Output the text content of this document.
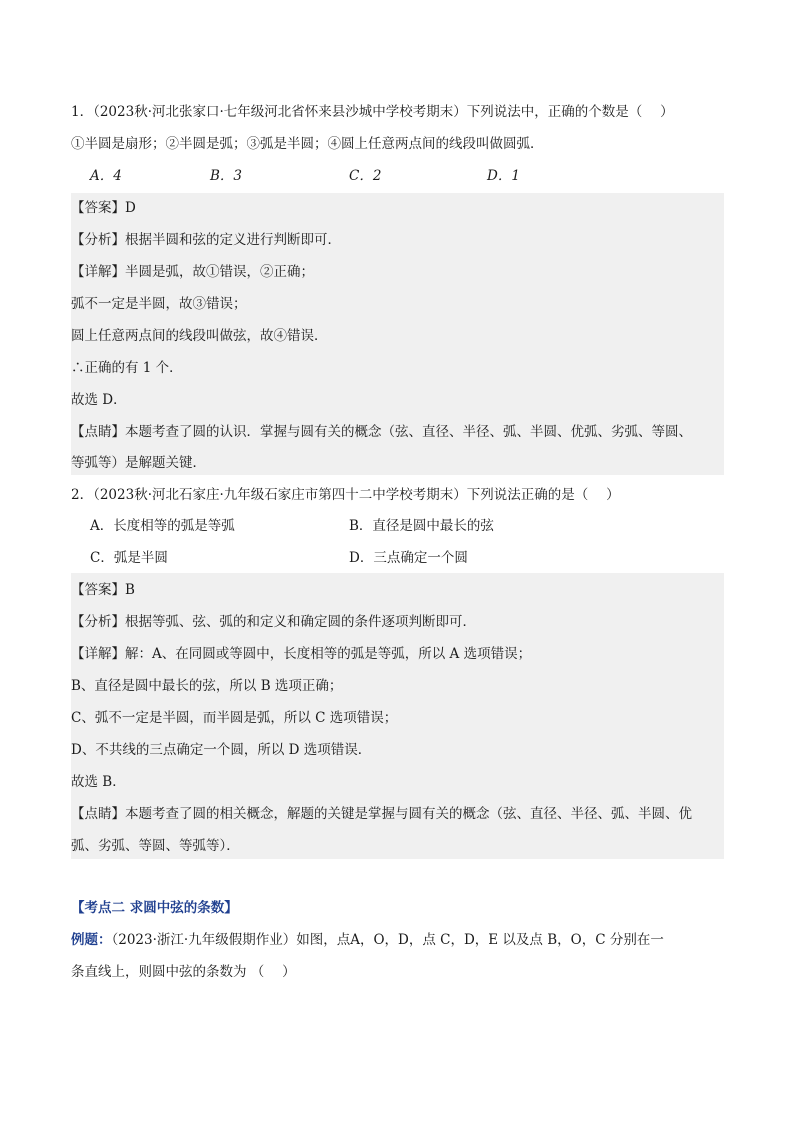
1．（2023秋·河北张家口·七年级河北省怀来县沙城中学校考期末）下列说法中，正确的个数是（　 ）
①半圆是扇形；②半圆是弧；③弧是半圆；④圆上任意两点间的线段叫做圆弧．
A．4	B．3	C．2	D．1
【答案】D
【分析】根据半圆和弦的定义进行判断即可．
【详解】半圆是弧，故①错误，②正确；
弧不一定是半圆，故③错误；
圆上任意两点间的线段叫做弦，故④错误．
∴正确的有 1 个．
故选 D．
【点睛】本题考查了圆的认识．掌握与圆有关的概念（弦、直径、半径、弧、半圆、优弧、劣弧、等圆、
等弧等）是解题关键．
2．（2023秋·河北石家庄·九年级石家庄市第四十二中学校考期末）下列说法正确的是（　 ）
A．长度相等的弧是等弧	B．直径是圆中最长的弦
C．弧是半圆	D．三点确定一个圆
【答案】B
【分析】根据等弧、弦、弧的和定义和确定圆的条件逐项判断即可．
【详解】解：A、在同圆或等圆中，长度相等的弧是等弧，所以 A 选项错误；
B、直径是圆中最长的弦，所以 B 选项正确；
C、弧不一定是半圆，而半圆是弧，所以 C 选项错误；
D、不共线的三点确定一个圆，所以 D 选项错误．
故选 B．
【点睛】本题考查了圆的相关概念，解题的关键是掌握与圆有关的概念（弦、直径、半径、弧、半圆、优
弧、劣弧、等圆、等弧等）．
【考点二 求圆中弦的条数】
例题：（2023·浙江·九年级假期作业）如图，点A，O，D，点 C，D，E 以及点 B，O，C 分别在一
条直线上，则圆中弦的条数为 （　 ）
